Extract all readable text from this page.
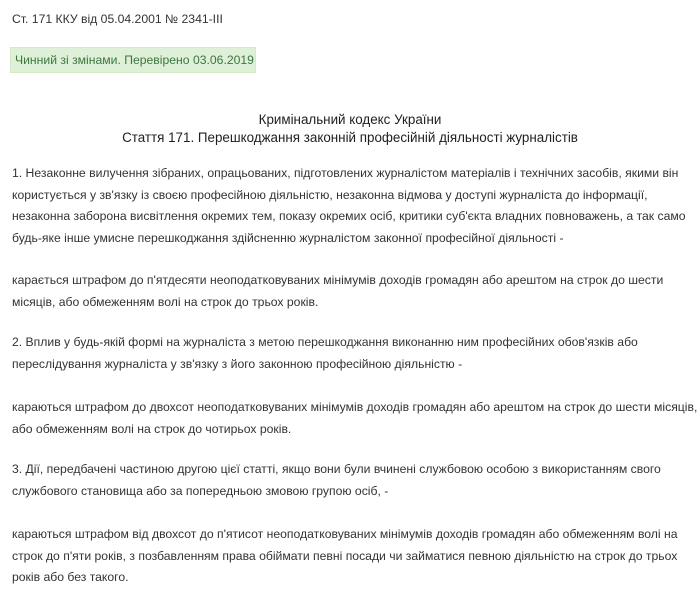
Ст. 171 ККУ від 05.04.2001 № 2341-III
Чинний зі змінами. Перевірено 03.06.2019
Кримінальний кодекс України
Стаття 171. Перешкоджання законній професійній діяльності журналістів
1. Незаконне вилучення зібраних, опрацьованих, підготовлених журналістом матеріалів і технічних засобів, якими він
користується у зв'язку із своєю професійною діяльністю, незаконна відмова у доступі журналіста до інформації,
незаконна заборона висвітлення окремих тем, показу окремих осіб, критики суб'єкта владних повноважень, а так само
будь-яке інше умисне перешкоджання здійсненню журналістом законної професійної діяльності -
карається штрафом до п'ятдесяти неоподатковуваних мінімумів доходів громадян або арештом на строк до шести
місяців, або обмеженням волі на строк до трьох років.
2. Вплив у будь-якій формі на журналіста з метою перешкоджання виконанню ним професійних обов'язків або
переслідування журналіста у зв'язку з його законною професійною діяльністю -
караються штрафом до двохсот неоподатковуваних мінімумів доходів громадян або арештом на строк до шести місяців,
або обмеженням волі на строк до чотирьох років.
3. Дії, передбачені частиною другою цієї статті, якщо вони були вчинені службовою особою з використанням свого
службового становища або за попередньою змовою групою осіб, -
караються штрафом від двохсот до п'ятисот неоподатковуваних мінімумів доходів громадян або обмеженням волі на
строк до п'яти років, з позбавленням права обіймати певні посади чи займатися певною діяльністю на строк до трьох
років або без такого.
